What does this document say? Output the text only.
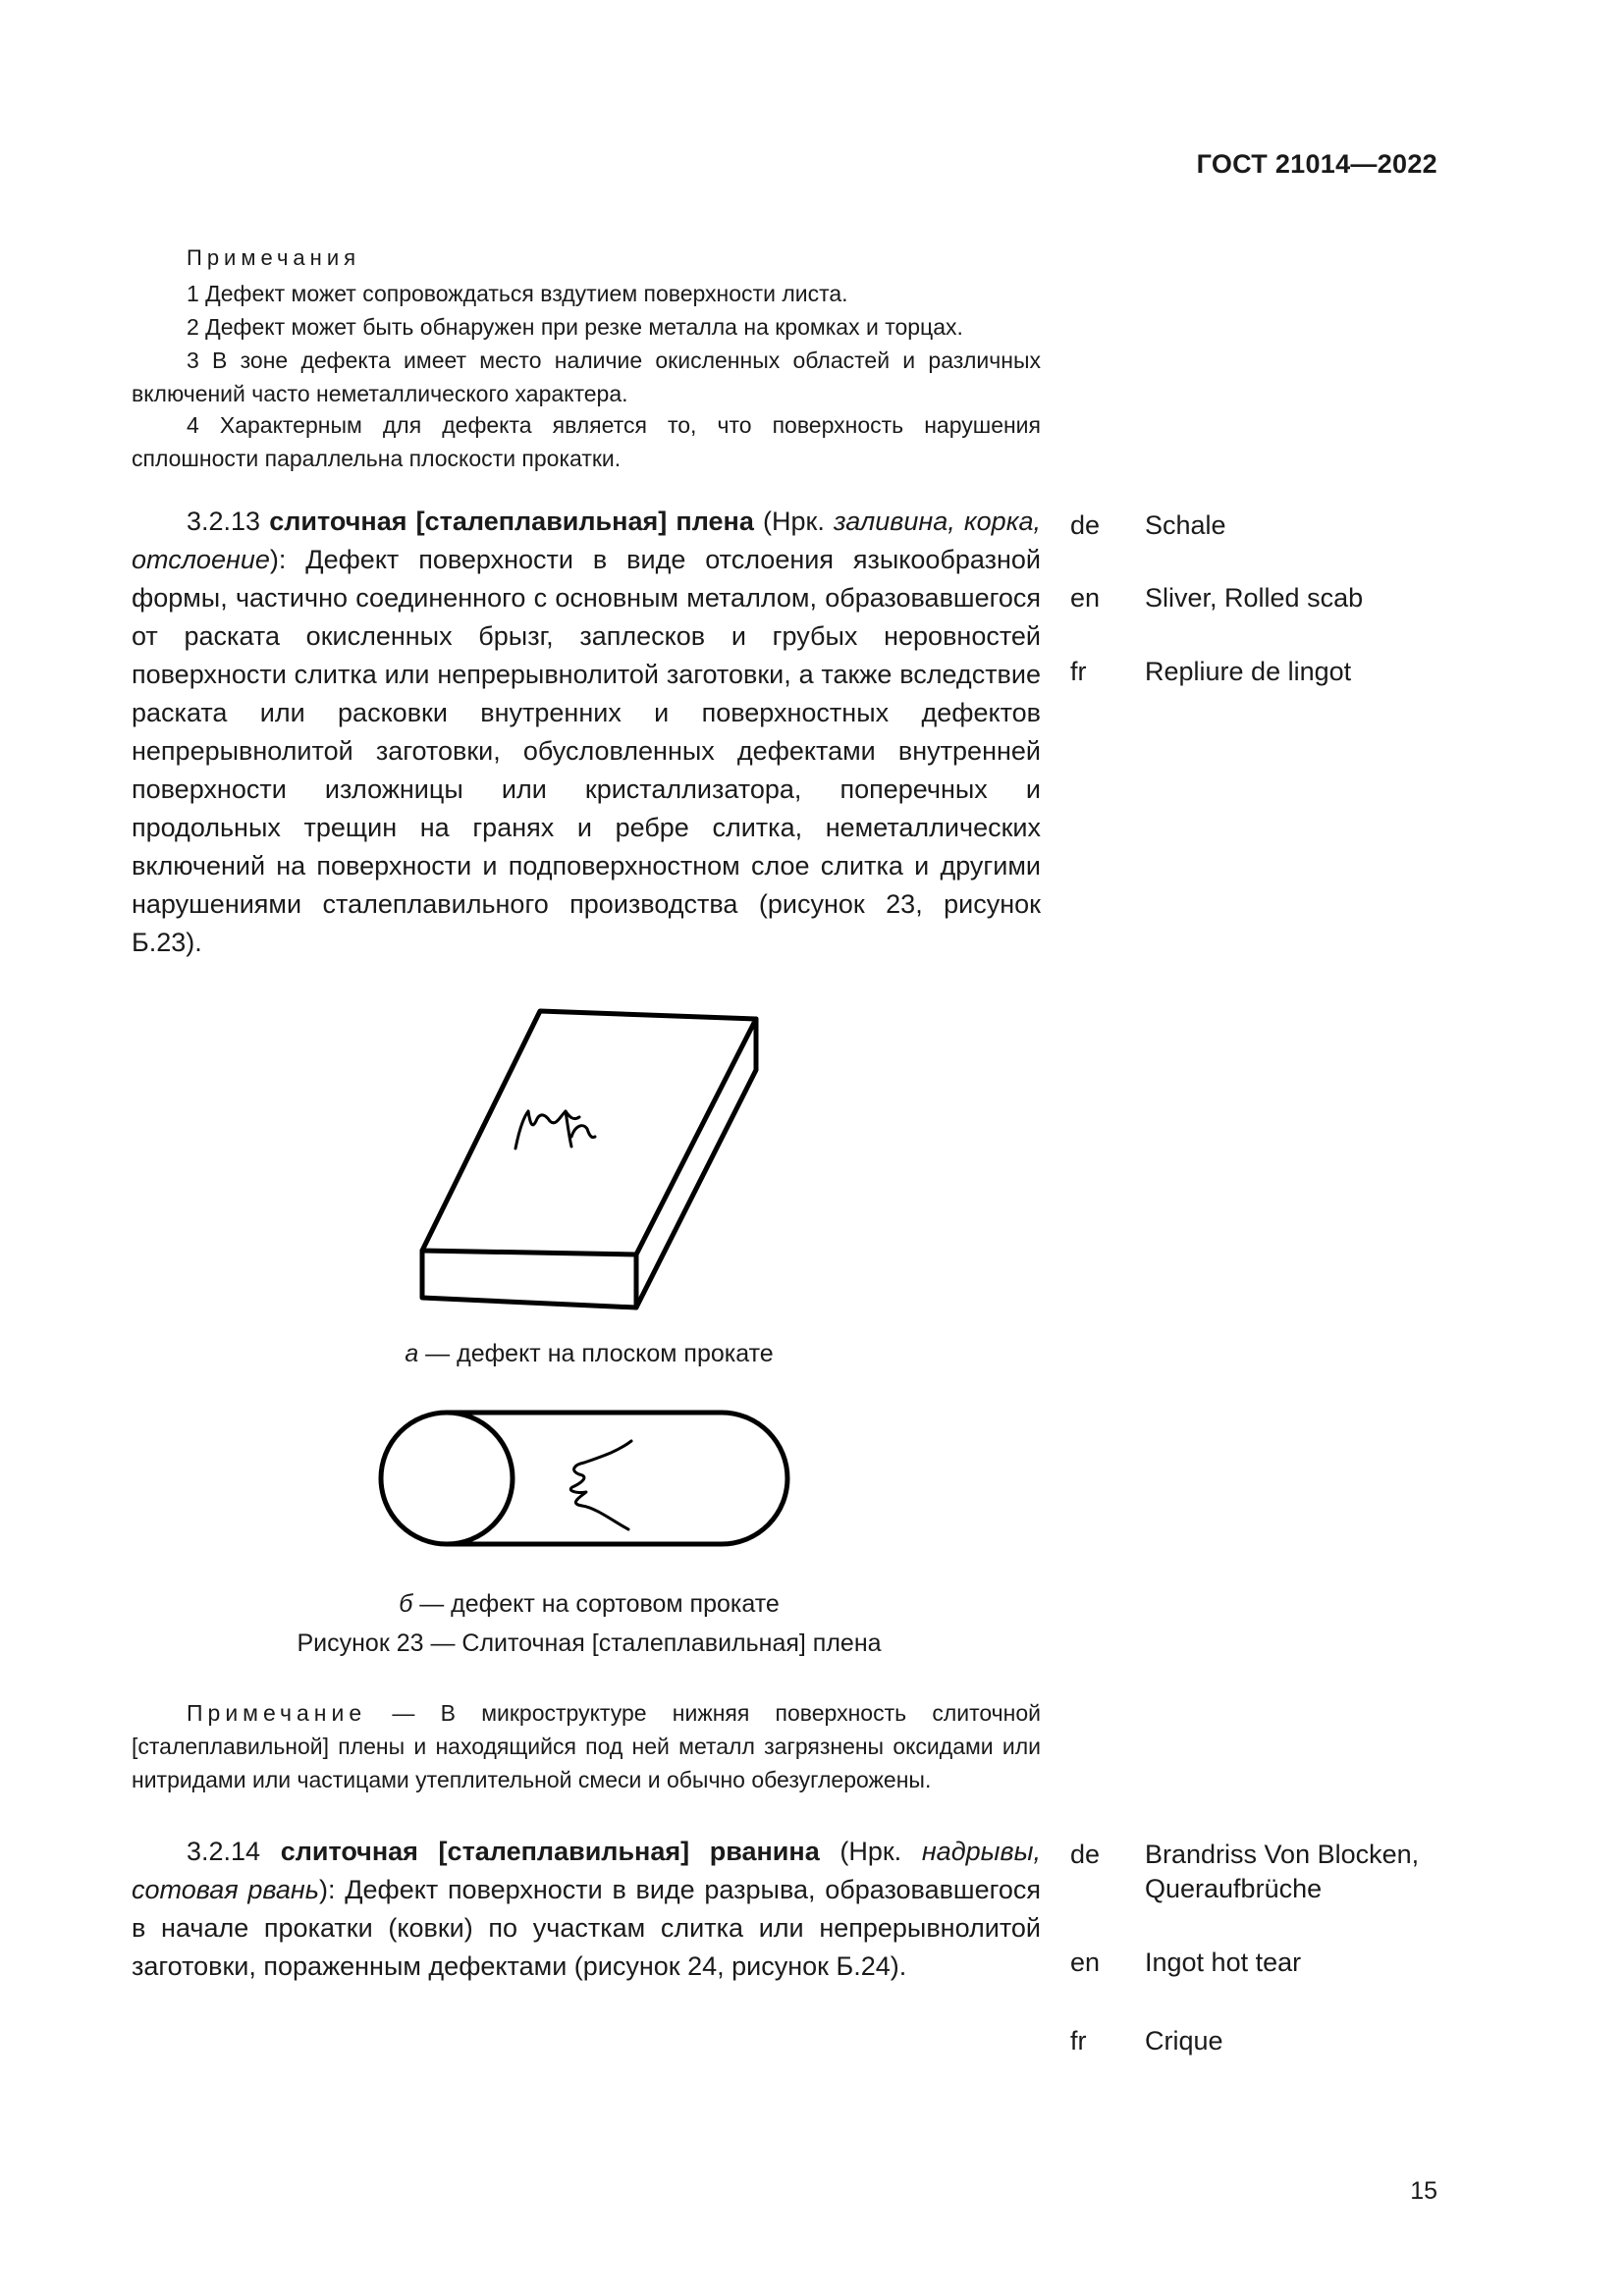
ГОСТ 21014—2022
Примечания
1 Дефект может сопровождаться вздутием поверхности листа.
2 Дефект может быть обнаружен при резке металла на кромках и торцах.
3 В зоне дефекта имеет место наличие окисленных областей и различных включений часто неметаллического характера.
4 Характерным для дефекта является то, что поверхность нарушения сплошности параллельна плоскости прокатки.
3.2.13 слиточная [сталеплавильная] плена (Нрк. заливина, корка, отслоение): Дефект поверхности в виде отслоения языкообразной формы, частично соединенного с основным металлом, образовавшегося от раската окисленных брызг, заплесков и грубых неровностей поверхности слитка или непрерывнолитой заготовки, а также вследствие раската или расковки внутренних и поверхностных дефектов непрерывнолитой заготовки, обусловленных дефектами внутренней поверхности изложницы или кристаллизатора, поперечных и продольных трещин на гранях и ребре слитка, неметаллических включений на поверхности и подповерхностном слое слитка и другими нарушениями сталеплавильного производства (рисунок 23, рисунок Б.23).
de Schale
en Sliver, Rolled scab
fr Repliure de lingot
а — дефект на плоском прокате
б — дефект на сортовом прокате
Рисунок 23 — Слиточная [сталеплавильная] плена
Примечание — В микроструктуре нижняя поверхность слиточной [сталеплавильной] плены и находящийся под ней металл загрязнены оксидами или нитридами или частицами утеплительной смеси и обычно обезуглерожены.
3.2.14 слиточная [сталеплавильная] рванина (Нрк. надрывы, сотовая рвань): Дефект поверхности в виде разрыва, образовавшегося в начале прокатки (ковки) по участкам слитка или непрерывнолитой заготовки, пораженным дефектами (рисунок 24, рисунок Б.24).
de Brandriss Von Blocken, Queraufbrüche
en Ingot hot tear
fr Crique
15
